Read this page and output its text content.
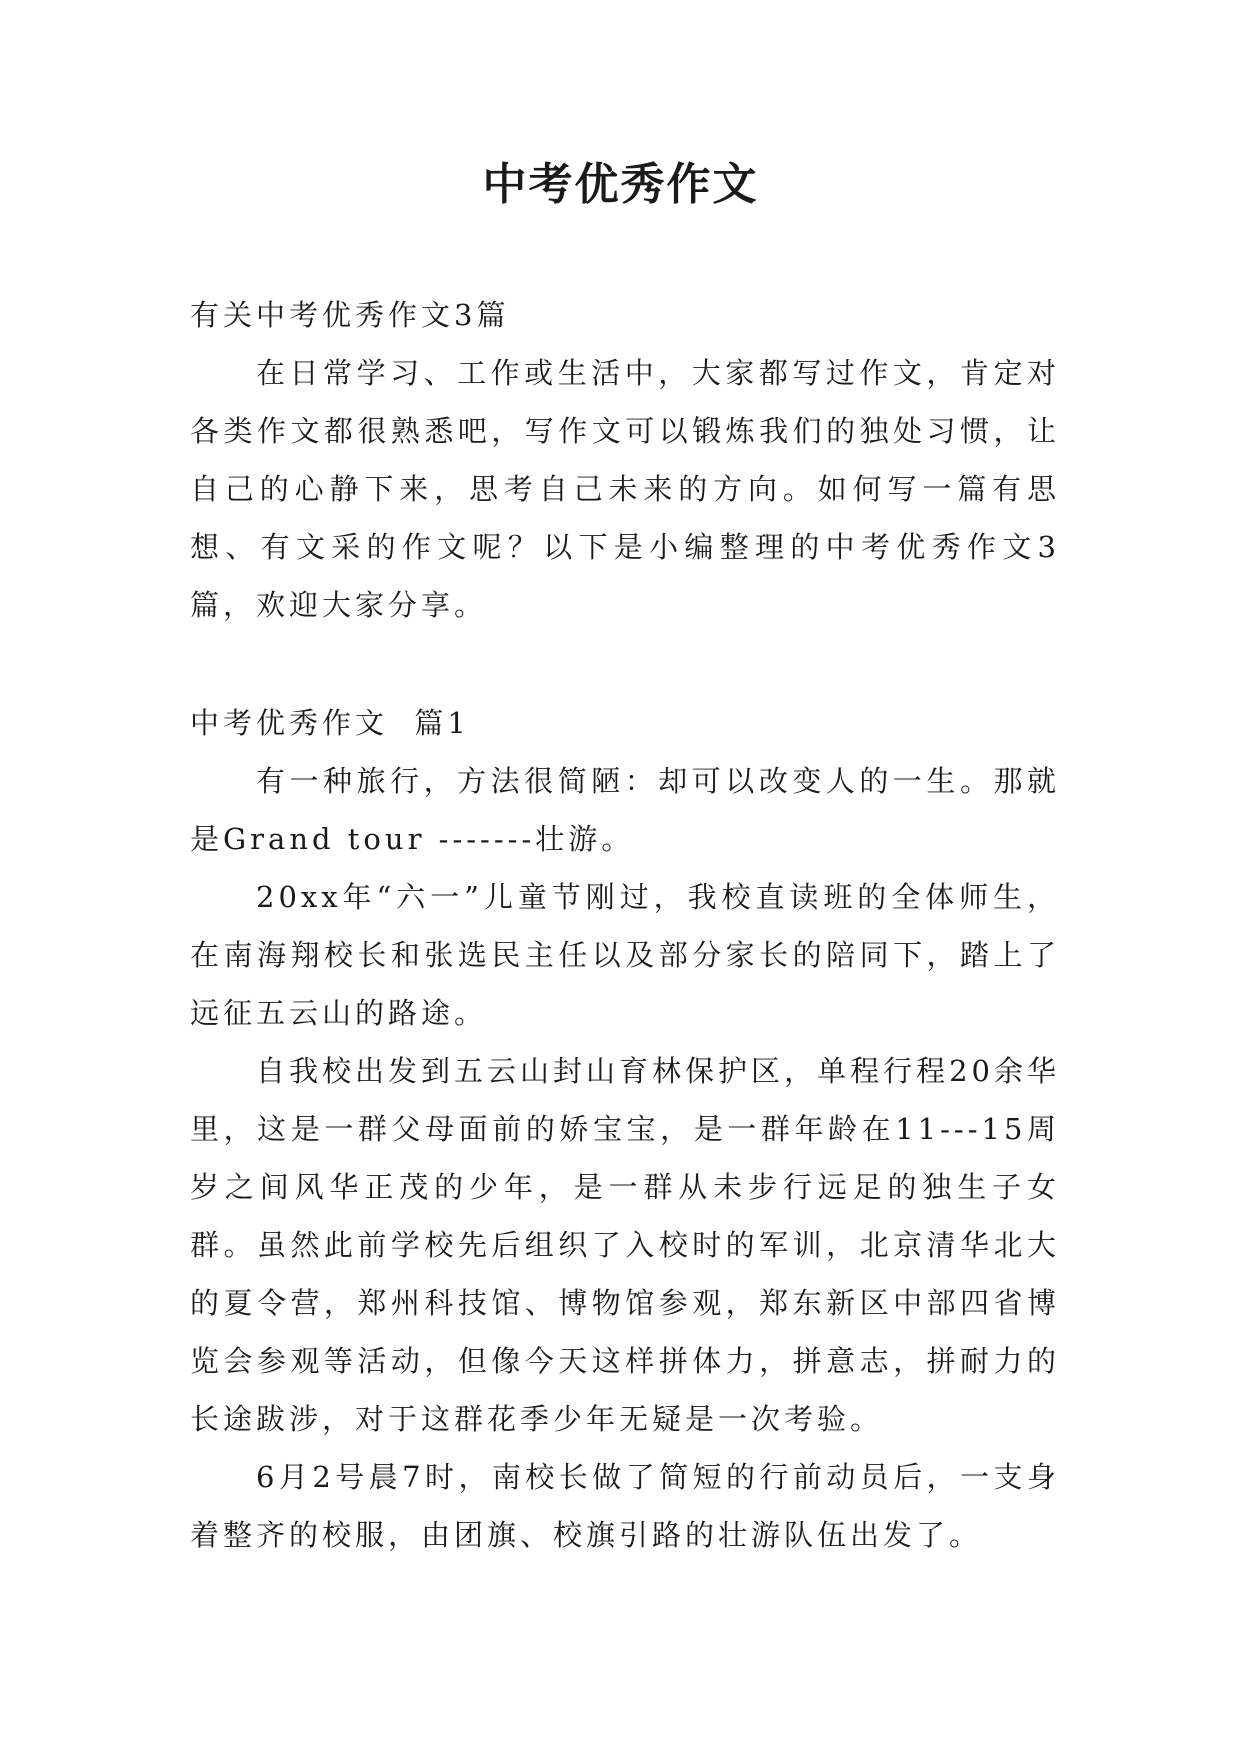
中考优秀作文
有关中考优秀作文3篇

在日常学习、工作或生活中，大家都写过作文，肯定对各类作文都很熟悉吧，写作文可以锻炼我们的独处习惯，让自己的心静下来，思考自己未来的方向。如何写一篇有思想、有文采的作文呢？以下是小编整理的中考优秀作文3篇，欢迎大家分享。

中考优秀作文  篇1

有一种旅行，方法很简陋：却可以改变人的一生。那就是Grand tour -------壮游。

20xx年“六一”儿童节刚过，我校直读班的全体师生，在南海翔校长和张选民主任以及部分家长的陪同下，踏上了远征五云山的路途。

自我校出发到五云山封山育林保护区，单程行程20余华里，这是一群父母面前的娇宝宝，是一群年龄在11---15周岁之间风华正茂的少年，是一群从未步行远足的独生子女群。虽然此前学校先后组织了入校时的军训，北京清华北大的夏令营，郑州科技馆、博物馆参观，郑东新区中部四省博览会参观等活动，但像今天这样拼体力，拼意志，拼耐力的长途跋涉，对于这群花季少年无疑是一次考验。

6月2号晨7时，南校长做了简短的行前动员后，一支身着整齐的校服，由团旗、校旗引路的壮游队伍出发了。
